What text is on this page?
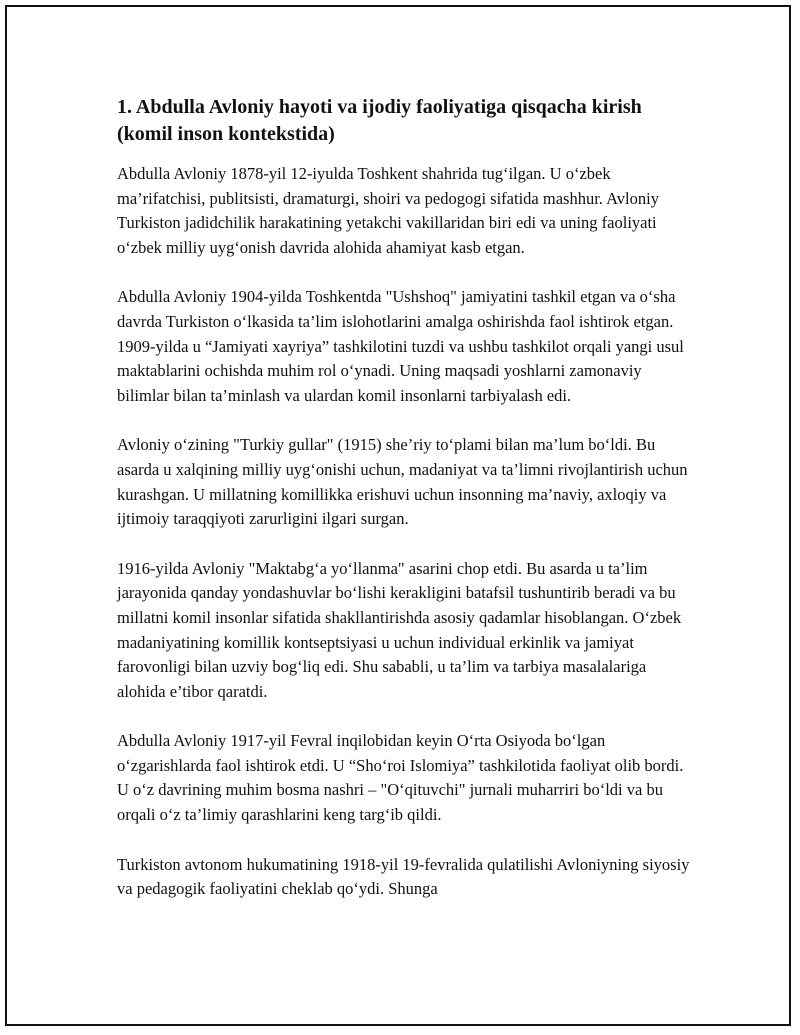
1. Abdulla Avloniy hayoti va ijodiy faoliyatiga qisqacha kirish (komil inson kontekstida)

Abdulla Avloniy 1878-yil 12-iyulda Toshkent shahrida tug‘ilgan. U o‘zbek ma’rifatchisi, publitsisti, dramaturgi, shoiri va pedogogi sifatida mashhur. Avloniy Turkiston jadidchilik harakatining yetakchi vakillaridan biri edi va uning faoliyati o‘zbek milliy uyg‘onish davrida alohida ahamiyat kasb etgan.

Abdulla Avloniy 1904-yilda Toshkentda "Ushshoq" jamiyatini tashkil etgan va o‘sha davrda Turkiston o‘lkasida ta’lim islohotlarini amalga oshirishda faol ishtirok etgan. 1909-yilda u “Jamiyati xayriya” tashkilotini tuzdi va ushbu tashkilot orqali yangi usul maktablarini ochishda muhim rol o‘ynadi. Uning maqsadi yoshlarni zamonaviy bilimlar bilan ta’minlash va ulardan komil insonlarni tarbiyalash edi.

Avloniy o‘zining "Turkiy gullar" (1915) she’riy to‘plami bilan ma’lum bo‘ldi. Bu asarda u xalqining milliy uyg‘onishi uchun, madaniyat va ta’limni rivojlantirish uchun kurashgan. U millatning komillikka erishuvi uchun insonning ma’naviy, axloqiy va ijtimoiy taraqqiyoti zarurligini ilgari surgan.

1916-yilda Avloniy "Maktabg‘a yo‘llanma" asarini chop etdi. Bu asarda u ta’lim jarayonida qanday yondashuvlar bo‘lishi kerakligini batafsil tushuntirib beradi va bu millatni komil insonlar sifatida shakllantirishda asosiy qadamlar hisoblangan. O‘zbek madaniyatining komillik kontseptsiyasi u uchun individual erkinlik va jamiyat farovonligi bilan uzviy bog‘liq edi. Shu sababli, u ta’lim va tarbiya masalalariga alohida e’tibor qaratdi.

Abdulla Avloniy 1917-yil Fevral inqilobidan keyin O‘rta Osiyoda bo‘lgan o‘zgarishlarda faol ishtirok etdi. U “Sho‘roi Islomiya” tashkilotida faoliyat olib bordi. U o‘z davrining muhim bosma nashri – "O‘qituvchi" jurnali muharriri bo‘ldi va bu orqali o‘z ta’limiy qarashlarini keng targ‘ib qildi.

Turkiston avtonom hukumatining 1918-yil 19-fevralida qulatilishi Avloniyning siyosiy va pedagogik faoliyatini cheklab qo‘ydi. Shunga
